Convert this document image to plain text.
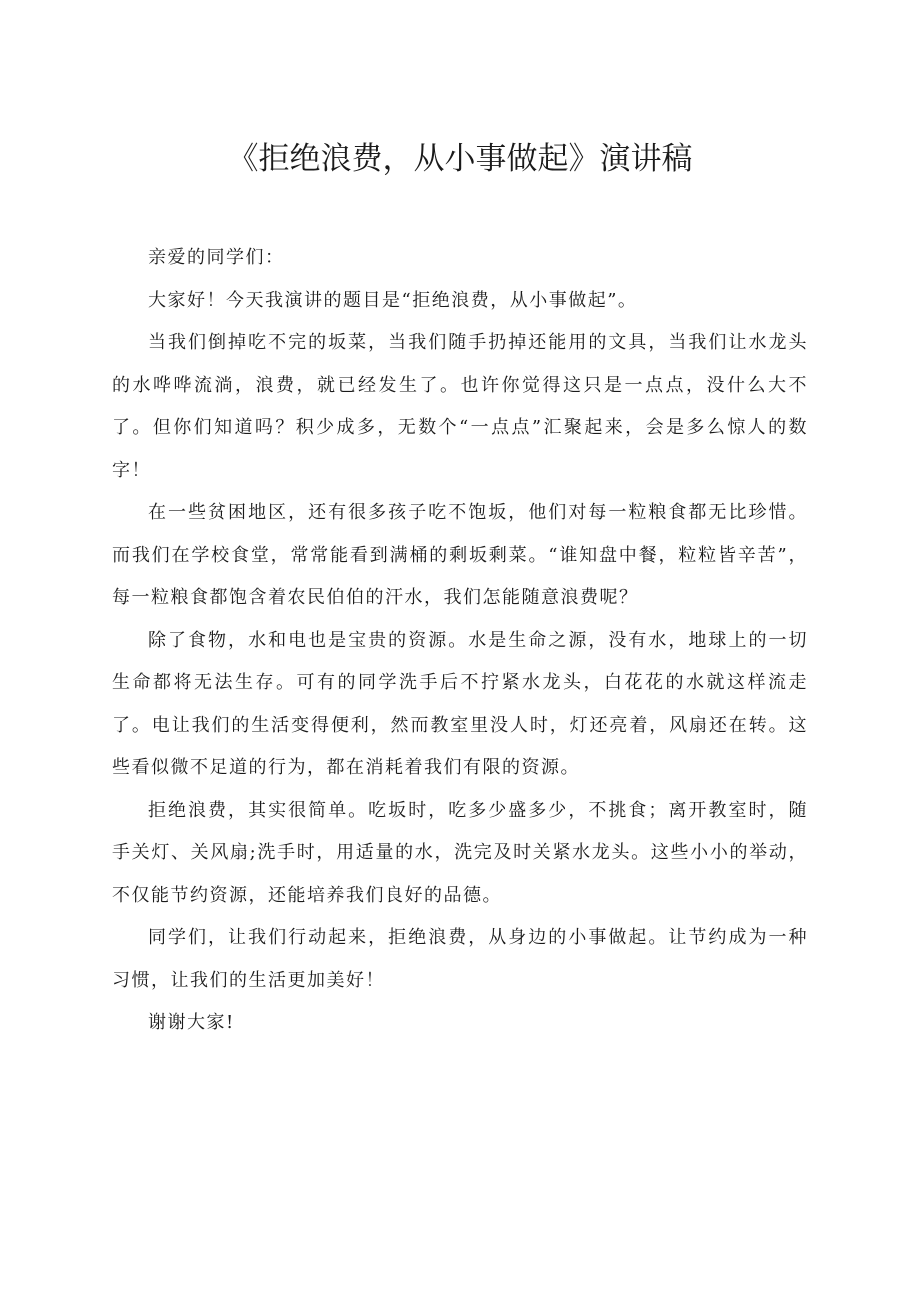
《拒绝浪费，从小事做起》演讲稿

亲爱的同学们：

大家好！今天我演讲的题目是“拒绝浪费，从小事做起”。

当我们倒掉吃不完的坂菜，当我们随手扔掉还能用的文具，当我们让水龙头的水哗哗流淌，浪费，就已经发生了。也许你觉得这只是一点点，没什么大不了。但你们知道吗？积少成多，无数个“一点点”汇聚起来，会是多么惊人的数字！

在一些贫困地区，还有很多孩子吃不饱坂，他们对每一粒粮食都无比珍惜。而我们在学校食堂，常常能看到满桶的剩坂剩菜。“谁知盘中餐，粒粒皆辛苦”，每一粒粮食都饱含着农民伯伯的汗水，我们怎能随意浪费呢？

除了食物，水和电也是宝贵的资源。水是生命之源，没有水，地球上的一切生命都将无法生存。可有的同学洗手后不拧紧水龙头，白花花的水就这样流走了。电让我们的生活变得便利，然而教室里没人时，灯还亮着，风扇还在转。这些看似微不足道的行为，都在消耗着我们有限的资源。

拒绝浪费，其实很简单。吃坂时，吃多少盛多少，不挑食；离开教室时，随手关灯、关风扇;洗手时，用适量的水，洗完及时关紧水龙头。这些小小的举动，不仅能节约资源，还能培养我们良好的品德。

同学们，让我们行动起来，拒绝浪费，从身边的小事做起。让节约成为一种习惯，让我们的生活更加美好！

谢谢大家!
